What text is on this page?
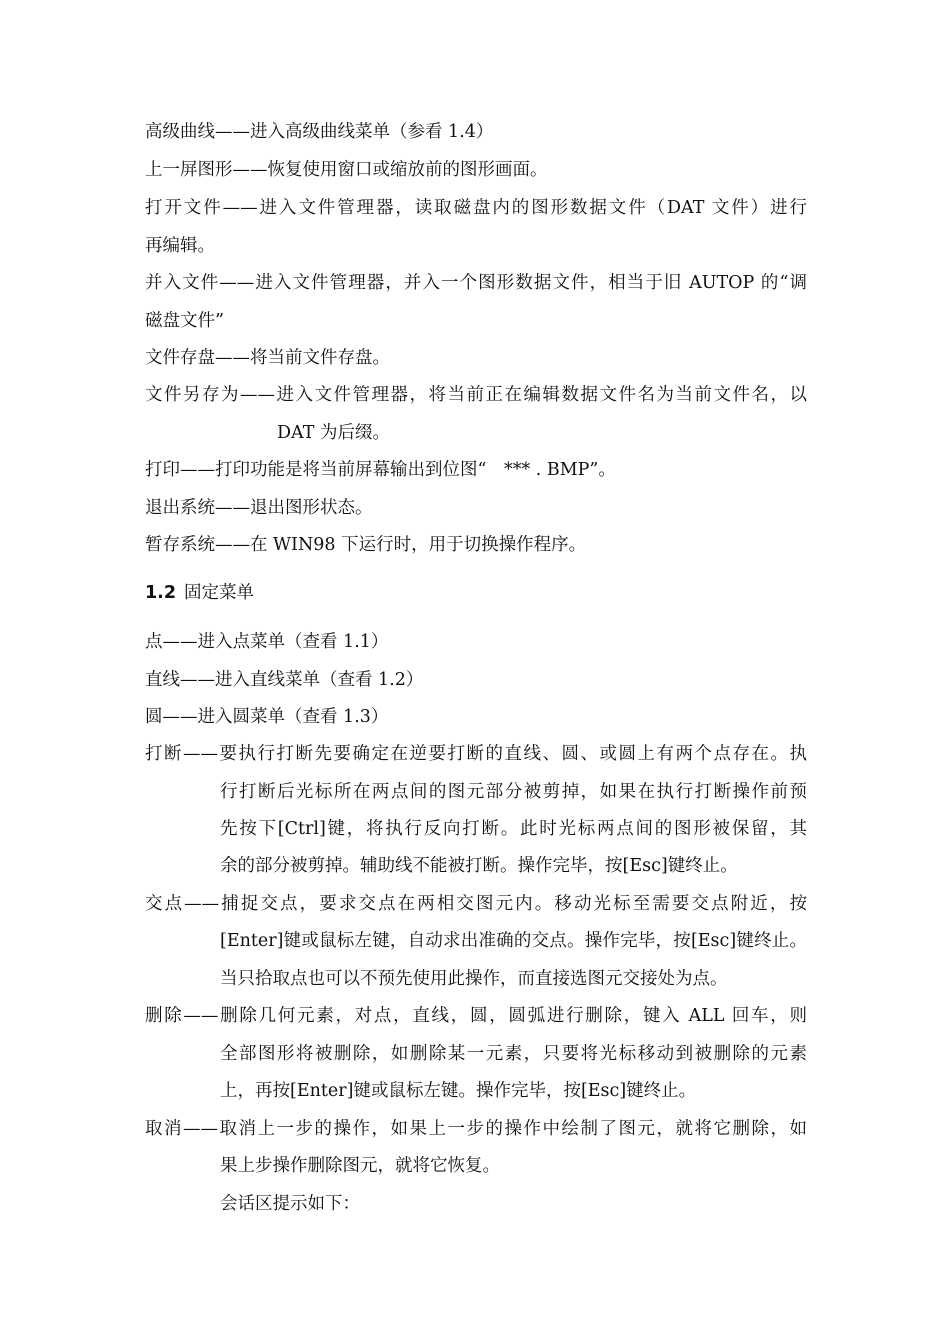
高级曲线——进入高级曲线菜单（参看 1.4）
上一屏图形——恢复使用窗口或缩放前的图形画面。
打开文件——进入文件管理器，读取磁盘内的图形数据文件（DAT 文件）进行
再编辑。
并入文件——进入文件管理器，并入一个图形数据文件，相当于旧 AUTOP 的“调
磁盘文件”
文件存盘——将当前文件存盘。
文件另存为——进入文件管理器，将当前正在编辑数据文件名为当前文件名，以
DAT 为后缀。
打印——打印功能是将当前屏幕输出到位图“　*** . BMP”。
退出系统——退出图形状态。
暂存系统——在 WIN98 下运行时，用于切换操作程序。
1.2 固定菜单
点——进入点菜单（查看 1.1）
直线——进入直线菜单（查看 1.2）
圆——进入圆菜单（查看 1.3）
打断——要执行打断先要确定在逆要打断的直线、圆、或圆上有两个点存在。执
行打断后光标所在两点间的图元部分被剪掉，如果在执行打断操作前预
先按下[Ctrl]键，将执行反向打断。此时光标两点间的图形被保留，其
余的部分被剪掉。辅助线不能被打断。操作完毕，按[Esc]键终止。
交点——捕捉交点，要求交点在两相交图元内。移动光标至需要交点附近，按
[Enter]键或鼠标左键，自动求出准确的交点。操作完毕，按[Esc]键终止。
当只拾取点也可以不预先使用此操作，而直接选图元交接处为点。
删除——删除几何元素，对点，直线，圆，圆弧进行删除，键入 ALL 回车，则
全部图形将被删除，如删除某一元素，只要将光标移动到被删除的元素
上，再按[Enter]键或鼠标左键。操作完毕，按[Esc]键终止。
取消——取消上一步的操作，如果上一步的操作中绘制了图元，就将它删除，如
果上步操作删除图元，就将它恢复。
会话区提示如下：
